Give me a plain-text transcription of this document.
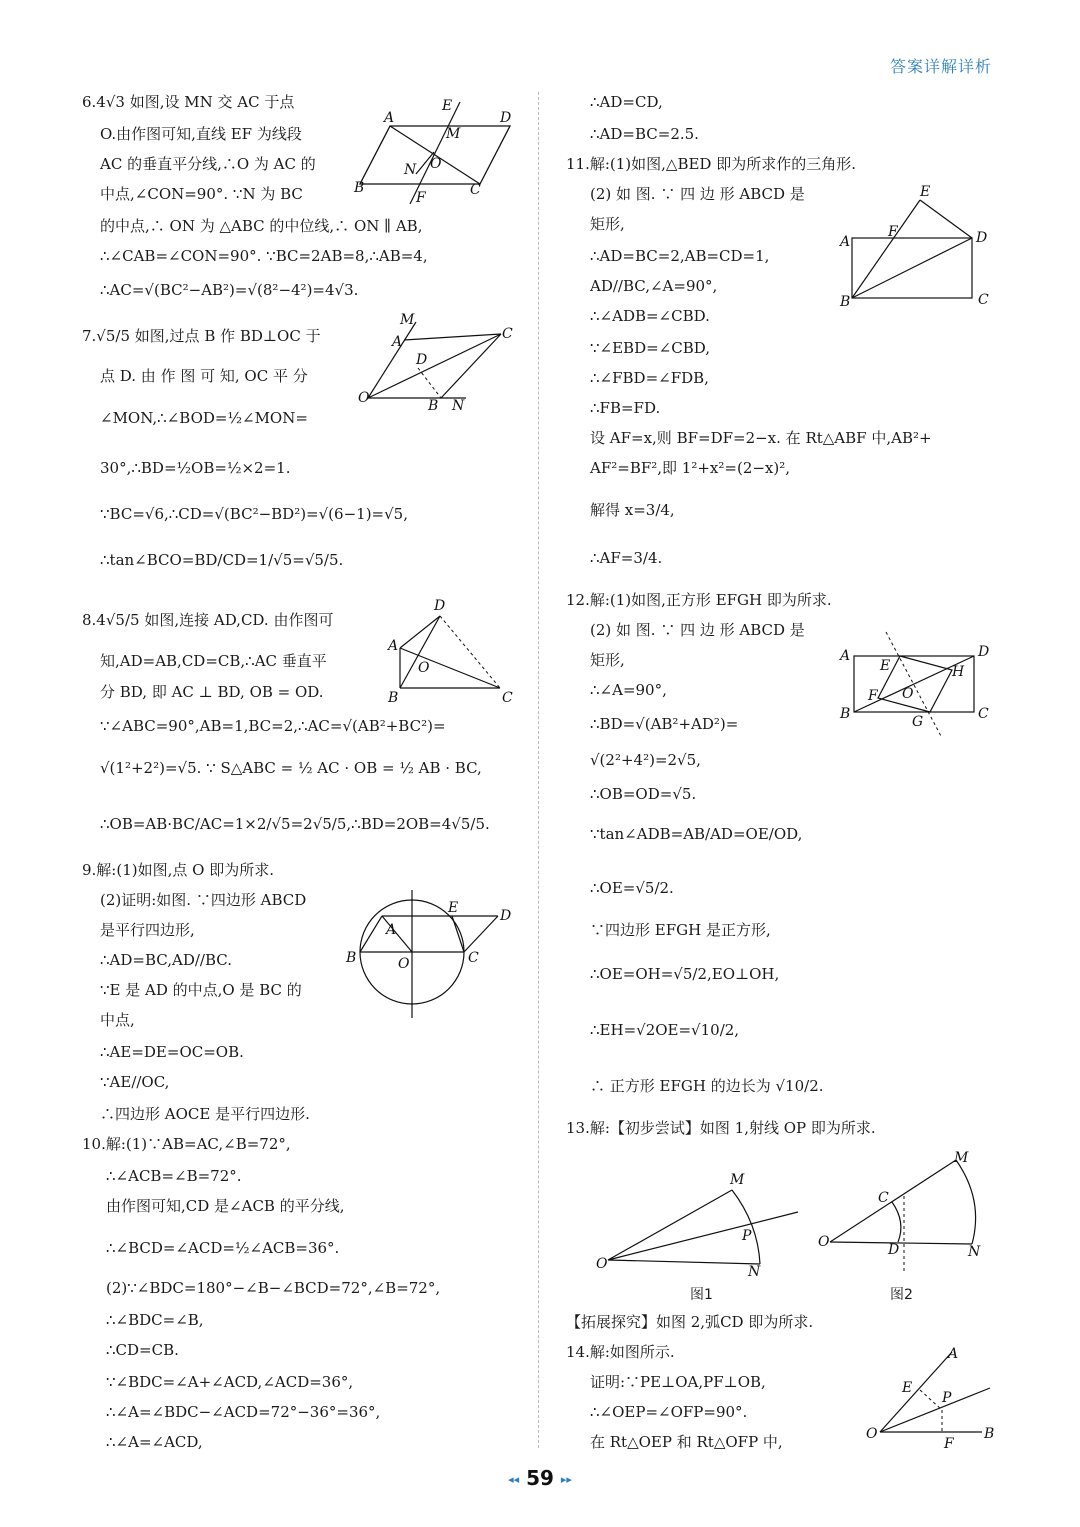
答案详解详析
6.4√3 如图,设 MN 交 AC 于点
O.由作图可知,直线 EF 为线段
AC 的垂直平分线,∴O 为 AC 的
中点,∠CON=90°. ∵N 为 BC
的中点,∴ ON 为 △ABC 的中位线,∴ ON ∥ AB,
∴∠CAB=∠CON=90°. ∵BC=2AB=8,∴AB=4,
∴AC=√(BC²−AB²)=√(8²−4²)=4√3.
7.√5/5 如图,过点 B 作 BD⊥OC 于
点 D. 由 作 图 可 知, OC 平 分
∠MON,∴∠BOD=½∠MON=
30°,∴BD=½OB=½×2=1.
∵BC=√6,∴CD=√(BC²−BD²)=√(6−1)=√5,
∴tan∠BCO=BD/CD=1/√5=√5/5.
8.4√5/5 如图,连接 AD,CD. 由作图可
知,AD=AB,CD=CB,∴AC 垂直平
分 BD, 即 AC ⊥ BD, OB = OD.
∵∠ABC=90°,AB=1,BC=2,∴AC=√(AB²+BC²)=
√(1²+2²)=√5. ∵ S△ABC = ½ AC · OB = ½ AB · BC,
∴OB=AB·BC/AC=1×2/√5=2√5/5,∴BD=2OB=4√5/5.
9.解:(1)如图,点 O 即为所求.
(2)证明:如图. ∵四边形 ABCD
是平行四边形,
∴AD=BC,AD//BC.
∵E 是 AD 的中点,O 是 BC 的
中点,
∴AE=DE=OC=OB.
∵AE//OC,
∴四边形 AOCE 是平行四边形.
10.解:(1)∵AB=AC,∠B=72°,
∴∠ACB=∠B=72°.
由作图可知,CD 是∠ACB 的平分线,
∴∠BCD=∠ACD=½∠ACB=36°.
(2)∵∠BDC=180°−∠B−∠BCD=72°,∠B=72°,
∴∠BDC=∠B,
∴CD=CB.
∵∠BDC=∠A+∠ACD,∠ACD=36°,
∴∠A=∠BDC−∠ACD=72°−36°=36°,
∴∠A=∠ACD,
∴AD=CD,
∴AD=BC=2.5.
11.解:(1)如图,△BED 即为所求作的三角形.
(2) 如 图. ∵ 四 边 形 ABCD 是
矩形,
∴AD=BC=2,AB=CD=1,
AD//BC,∠A=90°,
∴∠ADB=∠CBD.
∵∠EBD=∠CBD,
∴∠FBD=∠FDB,
∴FB=FD.
设 AF=x,则 BF=DF=2−x. 在 Rt△ABF 中,AB²+
AF²=BF²,即 1²+x²=(2−x)²,
解得 x=3/4,
∴AF=3/4.
12.解:(1)如图,正方形 EFGH 即为所求.
(2) 如 图. ∵ 四 边 形 ABCD 是
矩形,
∴∠A=90°,
∴BD=√(AB²+AD²)=
√(2²+4²)=2√5,
∴OB=OD=√5.
∵tan∠ADB=AB/AD=OE/OD,
∴OE=√5/2.
∵四边形 EFGH 是正方形,
∴OE=OH=√5/2,EO⊥OH,
∴EH=√2OE=√10/2,
∴ 正方形 EFGH 的边长为 √10/2.
13.解:【初步尝试】如图 1,射线 OP 即为所求.
【拓展探究】如图 2,弧CD 即为所求.
14.解:如图所示.
证明:∵PE⊥OA,PF⊥OB,
∴∠OEP=∠OFP=90°.
在 Rt△OEP 和 Rt△OFP 中,
A
E
D
M
N O
B
F	C
M
A	C
D
O	B N
D
A
O
B	C
E	D
A
B	O	C
E
A
F	D
B	C
A
E	H
D
F O
B	G	C
M
P
O	N
图1
M
C
O	D	N
图2
A
E
P
O
F
B
◂◂ 59 ▸▸
